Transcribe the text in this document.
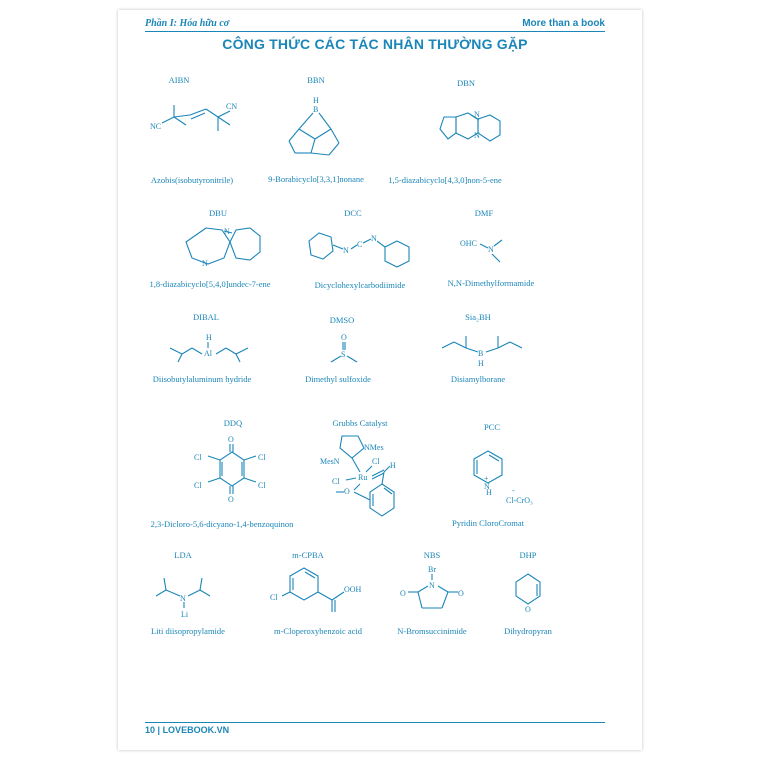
Phần I: Hóa hữu cơ	More than a book
CÔNG THỨC CÁC TÁC NHÂN THƯỜNG GẶP
AIBN
NC
CN
Azobis(isobutyronitrile)
BBN
H
B
9-Borabicyclo[3,3,1]nonane
DBN
N
N
1,5-diazabicyclo[4,3,0]non-5-ene
DBU
N
N
1,8-diazabicyclo[5,4,0]undec-7-ene
DCC
N
C
N
Dicyclohexylcarbodiimide
DMF
OHC
N
N,N-Dimethylformamide
DIBAL
H
Al
Diisobutylaluminum hydride
DMSO
O
S
Dimethyl sulfoxide
Sia₂BH
B
H
Disiamylborane
DDQ
O
O
Cl	Cl
Cl	Cl
2,3-Dicloro-5,6-dicyano-1,4-benzoquinon
Grubbs Catalyst
NMes
MesN
Ru
Cl
Cl
H
O
PCC
+
N
H	-
Cl-CrO₃
Pyridin CloroCromat
LDA
N
Li
Liti diisopropylamide
m-CPBA
Cl
OOH
m-Cloperoxybenzoic acid
NBS
Br
N
O	O
N-Bromsuccinimide
DHP
O
Dihydropyran
10 | LOVEBOOK.VN
